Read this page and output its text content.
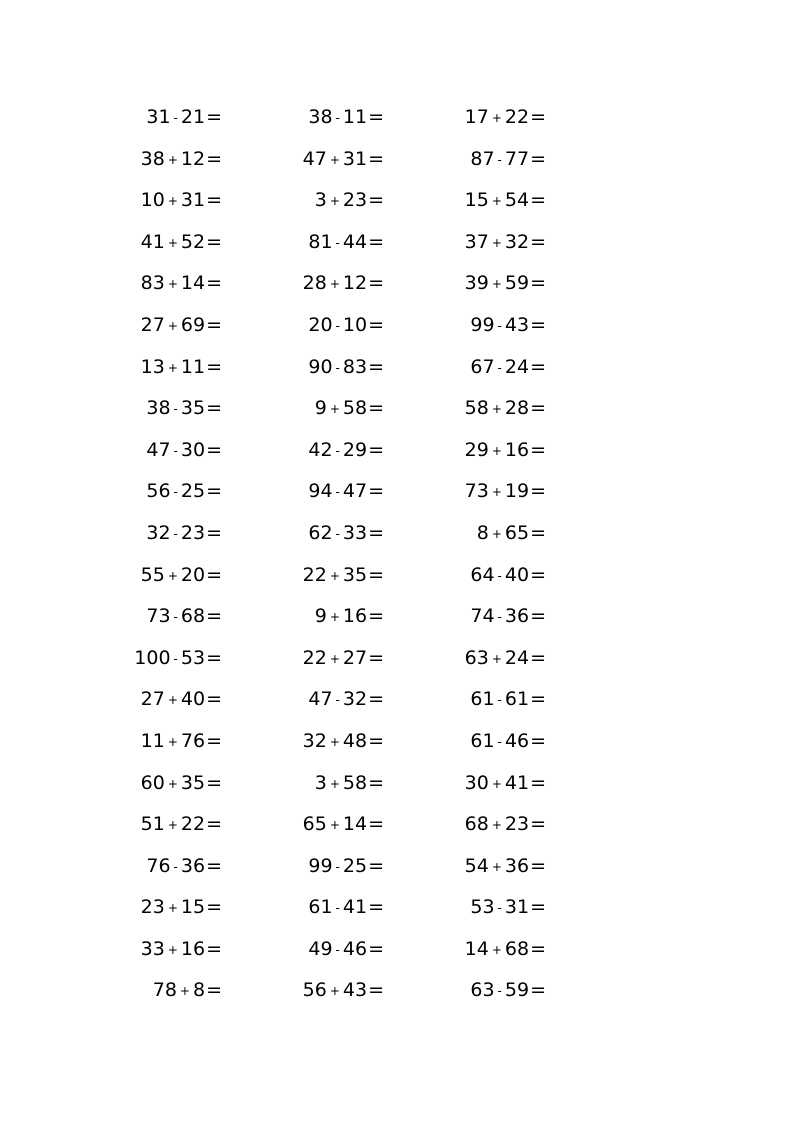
31 - 21=
38 + 12=
10 + 31=
41 + 52=
83 + 14=
27 + 69=
13 + 11=
38 - 35=
47 - 30=
56 - 25=
32 - 23=
55 + 20=
73 - 68=
100 - 53=
27 + 40=
11 + 76=
60 + 35=
51 + 22=
76 - 36=
23 + 15=
33 + 16=
78 + 8=
38 - 11=
47 + 31=
3 + 23=
81 - 44=
28 + 12=
20 - 10=
90 - 83=
9 + 58=
42 - 29=
94 - 47=
62 - 33=
22 + 35=
9 + 16=
22 + 27=
47 - 32=
32 + 48=
3 + 58=
65 + 14=
99 - 25=
61 - 41=
49 - 46=
56 + 43=
17 + 22=
87 - 77=
15 + 54=
37 + 32=
39 + 59=
99 - 43=
67 - 24=
58 + 28=
29 + 16=
73 + 19=
8 + 65=
64 - 40=
74 - 36=
63 + 24=
61 - 61=
61 - 46=
30 + 41=
68 + 23=
54 + 36=
53 - 31=
14 + 68=
63 - 59=
